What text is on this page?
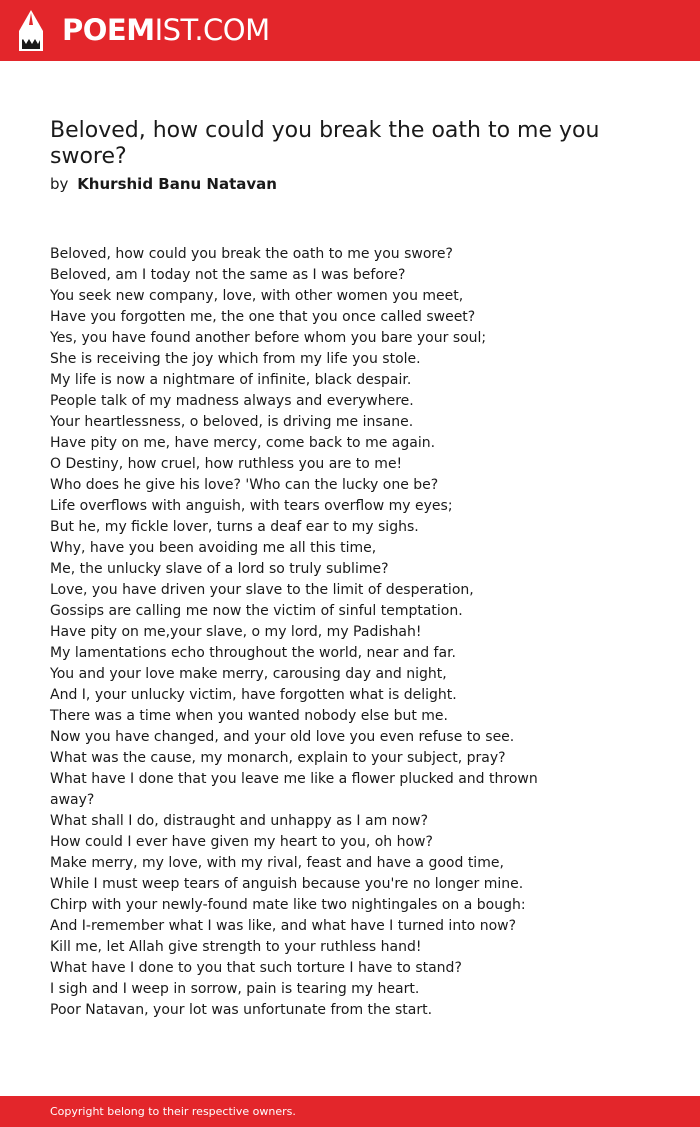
POEMIST.COM
Beloved, how could you break the oath to me you swore?
by Khurshid Banu Natavan
Beloved, how could you break the oath to me you swore?
Beloved, am I today not the same as I was before?
You seek new company, love, with other women you meet,
Have you forgotten me, the one that you once called sweet?
Yes, you have found another before whom you bare your soul;
She is receiving the joy which from my life you stole.
My life is now a nightmare of infinite, black despair.
People talk of my madness always and everywhere.
Your heartlessness, o beloved, is driving me insane.
Have pity on me, have mercy, come back to me again.
O Destiny, how cruel, how ruthless you are to me!
Who does he give his love? 'Who can the lucky one be?
Life overflows with anguish, with tears overflow my eyes;
But he, my fickle lover, turns a deaf ear to my sighs.
Why, have you been avoiding me all this time,
Me, the unlucky slave of a lord so truly sublime?
Love, you have driven your slave to the limit of desperation,
Gossips are calling me now the victim of sinful temptation.
Have pity on me,your slave, o my lord, my Padishah!
My lamentations echo throughout the world, near and far.
You and your love make merry, carousing day and night,
And I, your unlucky victim, have forgotten what is delight.
There was a time when you wanted nobody else but me.
Now you have changed, and your old love you even refuse to see.
What was the cause, my monarch, explain to your subject, pray?
What have I done that you leave me like a flower plucked and thrown away?
What shall I do, distraught and unhappy as I am now?
How could I ever have given my heart to you, oh how?
Make merry, my love, with my rival, feast and have a good time,
While I must weep tears of anguish because you're no longer mine.
Chirp with your newly-found mate like two nightingales on a bough:
And I-remember what I was like, and what have I turned into now?
Kill me, let Allah give strength to your ruthless hand!
What have I done to you that such torture I have to stand?
I sigh and I weep in sorrow, pain is tearing my heart.
Poor Natavan, your lot was unfortunate from the start.
Copyright belong to their respective owners.
